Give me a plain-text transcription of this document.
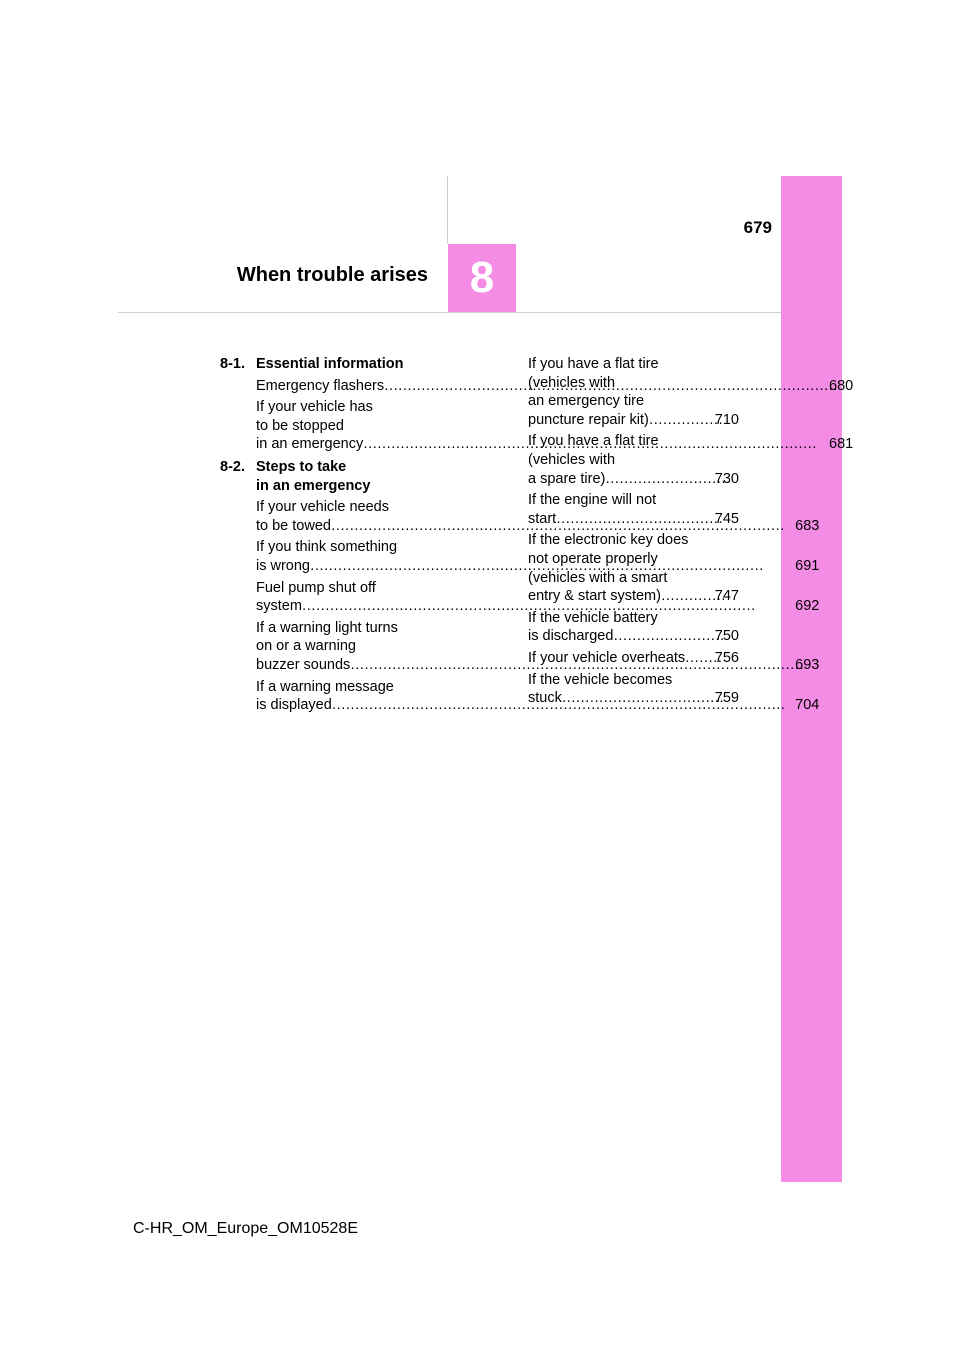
679
When trouble arises 8
8-1. Essential information
Emergency flashers .....	680
If your vehicle has
to be stopped
in an emergency .....	681
8-2. Steps to take
in an emergency
If your vehicle needs
to be towed .....	683
If you think something
is wrong .....	691
Fuel pump shut off
system .....	692
If a warning light turns
on or a warning
buzzer sounds .....	693
If a warning message
is displayed .....	704
If you have a flat tire
(vehicles with
an emergency tire
puncture repair kit) .....	710
If you have a flat tire
(vehicles with
a spare tire) .....	730
If the engine will not
start .....	745
If the electronic key does
not operate properly
(vehicles with a smart
entry & start system) .....	747
If the vehicle battery
is discharged .....	750
If your vehicle overheats ..... 756
If the vehicle becomes
stuck .....	759
C-HR_OM_Europe_OM10528E
